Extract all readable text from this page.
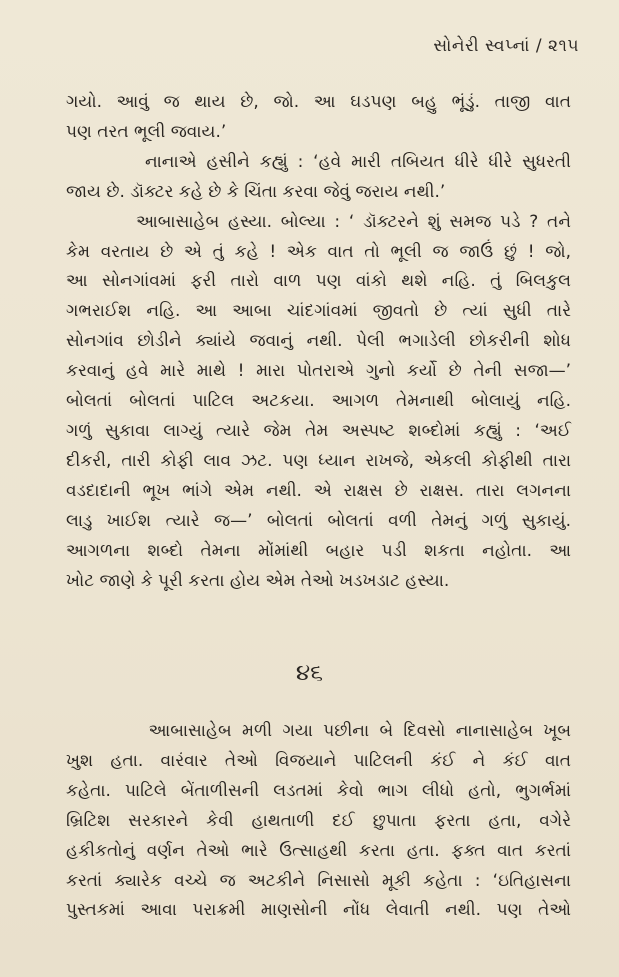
સોનેરી સ્વપ્નાં / ૨૧૫
ગયો. આવું જ થાય છે, જો. આ ઘડપણ બહુ ભૂંડું. તાજી વાત
પણ તરત ભૂલી જવાય.’
નાનાએ હસીને કહ્યું : ‘હવે મારી તબિયત ધીરે ધીરે સુધરતી
જાય છે. ડૉક્ટર કહે છે કે ચિંતા કરવા જેવું જરાય નથી.’
આબાસાહેબ હસ્યા. બોલ્યા : ‘ ડૉક્ટરને શું સમજ પડે ? તને
કેમ વરતાય છે એ તું કહે ! એક વાત તો ભૂલી જ જાઉં છું ! જો,
આ સોનગાંવમાં ફરી તારો વાળ પણ વાંકો થશે નહિ. તું બિલકુલ
ગભરાઈશ નહિ. આ આબા ચાંદગાંવમાં જીવતો છે ત્યાં સુધી તારે
સોનગાંવ છોડીને ક્યાંયે જવાનું નથી. પેલી ભગાડેલી છોકરીની શોધ
કરવાનું હવે મારે માથે ! મારા પોતરાએ ગુનો કર્યો છે તેની સજા—’
બોલતાં બોલતાં પાટિલ અટકયા. આગળ તેમનાથી બોલાયું નહિ.
ગળું સુકાવા લાગ્યું ત્યારે જેમ તેમ અસ્પષ્ટ શબ્દોમાં કહ્યું : ‘અઈ
દીકરી, તારી કોફી લાવ ઝટ. પણ ધ્યાન રાખજે, એકલી કોફીથી તારા
વડદાદાની ભૂખ ભાંગે એમ નથી. એ રાક્ષસ છે રાક્ષસ. તારા લગનના
લાડુ ખાઈશ ત્યારે જ—’ બોલતાં બોલતાં વળી તેમનું ગળું સુકાયું.
આગળના શબ્દો તેમના મોંમાંથી બહાર પડી શકતા નહોતા. આ
ખોટ જાણે કે પૂરી કરતા હોય એમ તેઓ ખડખડાટ હસ્યા.
૪૬
આબાસાહેબ મળી ગયા પછીના બે દિવસો નાનાસાહેબ ખૂબ
ખુશ હતા. વારંવાર તેઓ વિજયાને પાટિલની કંઈ ને કંઈ વાત
કહેતા. પાટિલે બેંતાળીસની લડતમાં કેવો ભાગ લીધો હતો, ભુગર્ભમાં
બ્રિટિશ સરકારને કેવી હાથતાળી દઈ છુપાતા ફરતા હતા, વગેરે
હકીકતોનું વર્ણન તેઓ ભારે ઉત્સાહથી કરતા હતા. ફક્ત વાત કરતાં
કરતાં ક્યારેક વચ્ચે જ અટકીને નિસાસો મૂકી કહેતા : ‘ઇતિહાસના
પુસ્તકમાં આવા પરાક્રમી માણસોની નોંધ લેવાતી નથી. પણ તેઓ
